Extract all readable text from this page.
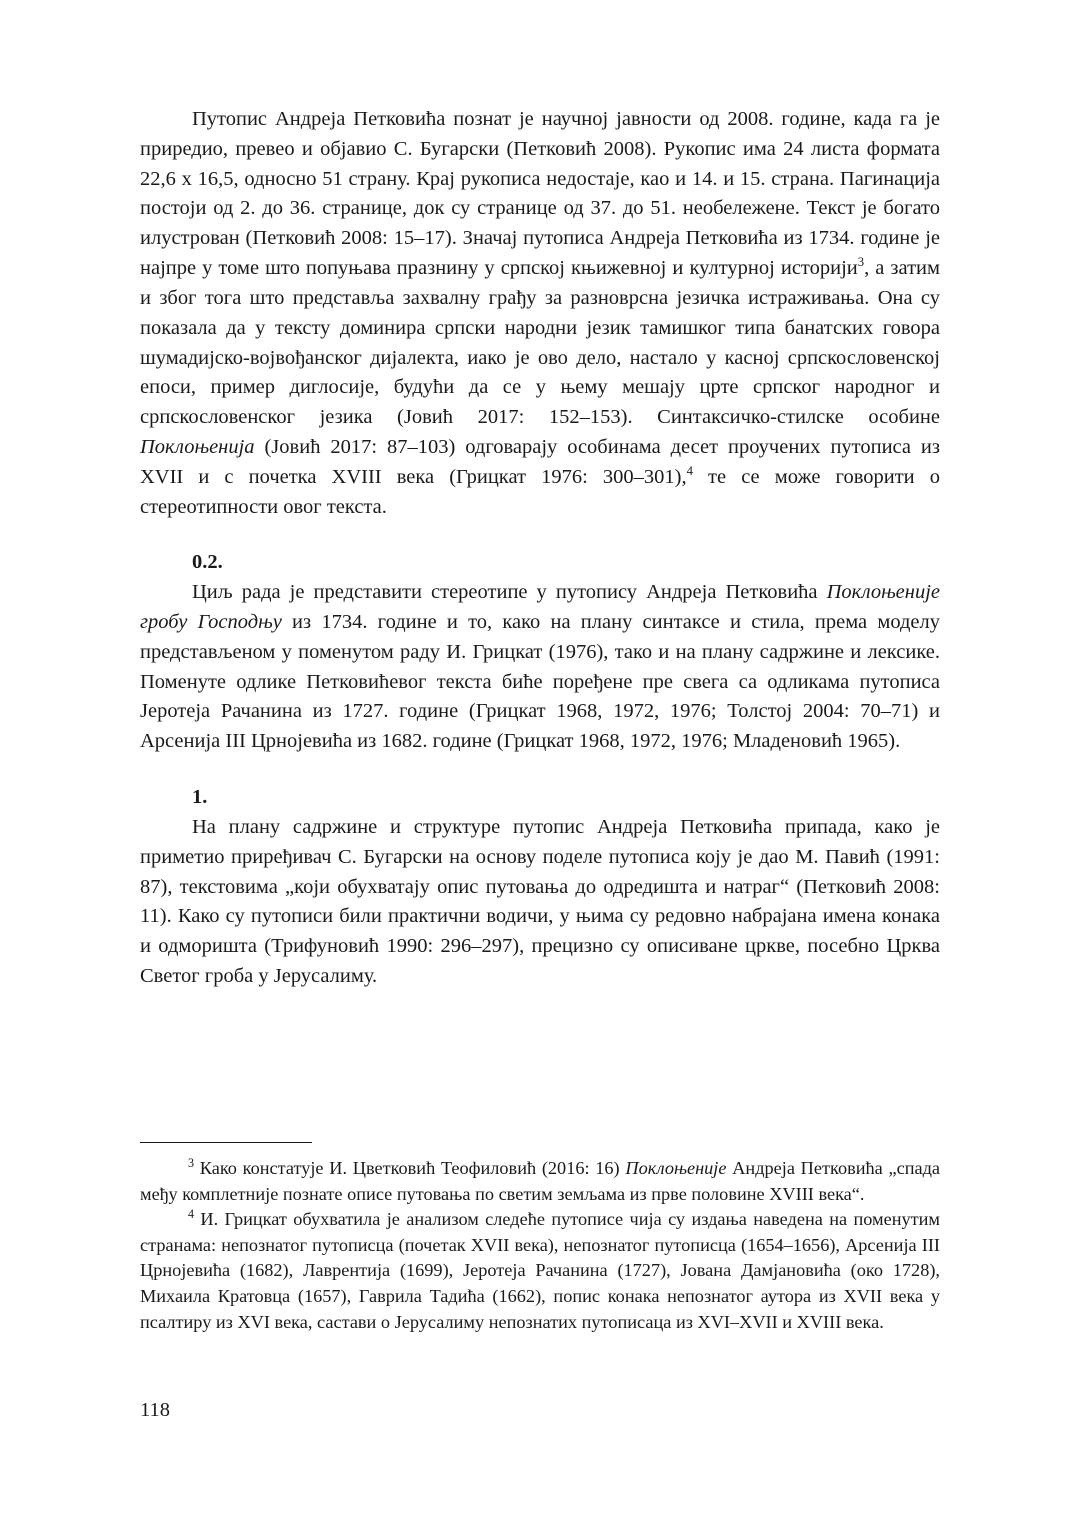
Путопис Андреја Петковића познат је научној јавности од 2008. године, када га је приредио, превео и објавио С. Бугарски (Петковић 2008). Рукопис има 24 листа формата 22,6 х 16,5, односно 51 страну. Крај рукописа недостаје, као и 14. и 15. страна. Пагинација постоји од 2. до 36. странице, док су странице од 37. до 51. необележене. Текст је богато илустрован (Петковић 2008: 15–17). Значај путописа Андреја Петковића из 1734. године је најпре у томе што попуњава празнину у српској књижевној и културној историји$^3$, а затим и због тога што представља захвалну грађу за разноврсна језичка истраживања. Она су показала да у тексту доминира српски народни језик тамишког типа банатских говора шумадијско-војвођанског дијалекта, иако је ово дело, настало у касној српскословенској епоси, пример диглосије, будући да се у њему мешају црте српског народног и српскословенског језика (Јовић 2017: 152–153). Синтаксичко-стилске особине Поклоњенија (Јовић 2017: 87–103) одговарају особинама десет проучених путописа из XVII и с почетка XVIII века (Грицкат 1976: 300–301),$^4$ те се може говорити о стереотипности овог текста.

0.2.

Циљ рада је представити стереотипе у путопису Андреја Петковића Поклоњеније гробу Господњу из 1734. године и то, како на плану синтаксе и стила, према моделу представљеном у поменутом раду И. Грицкат (1976), тако и на плану садржине и лексике. Поменуте одлике Петковићевог текста биће поређене пре свега са одликама путописа Јеротеја Рачанина из 1727. године (Грицкат 1968, 1972, 1976; Толстој 2004: 70–71) и Арсенија III Црнојевића из 1682. године (Грицкат 1968, 1972, 1976; Младеновић 1965).

1.

На плану садржине и структуре путопис Андреја Петковића припада, како је приметио приређивач С. Бугарски на основу поделе путописа коју је дао М. Павић (1991: 87), текстовима „који обухватају опис путовања до одредишта и натраг“ (Петковић 2008: 11). Како су путописи били практични водичи, у њима су редовно набрајана имена конака и одморишта (Трифуновић 1990: 296–297), прецизно су описиване цркве, посебно Црква Светог гроба у Јерусалиму.

$^3$ Како констатује И. Цветковић Теофиловић (2016: 16) Поклоњеније Андреја Петковића „спада међу комплетније познате описе путовања по светим земљама из прве половине XVIII века“.

$^4$ И. Грицкат обухватила је анализом следеће путописе чија су издања наведена на поменутим странама: непознатог путописца (почетак XVII века), непознатог путописца (1654–1656), Арсенија III Црнојевића (1682), Лаврентија (1699), Јеротеја Рачанина (1727), Јована Дамјановића (око 1728), Михаила Кратовца (1657), Гаврила Тадића (1662), попис конака непознатог аутора из XVII века у псалтиру из XVI века, састави о Јерусалиму непознатих путописаца из XVI–XVII и XVIII века.

118
